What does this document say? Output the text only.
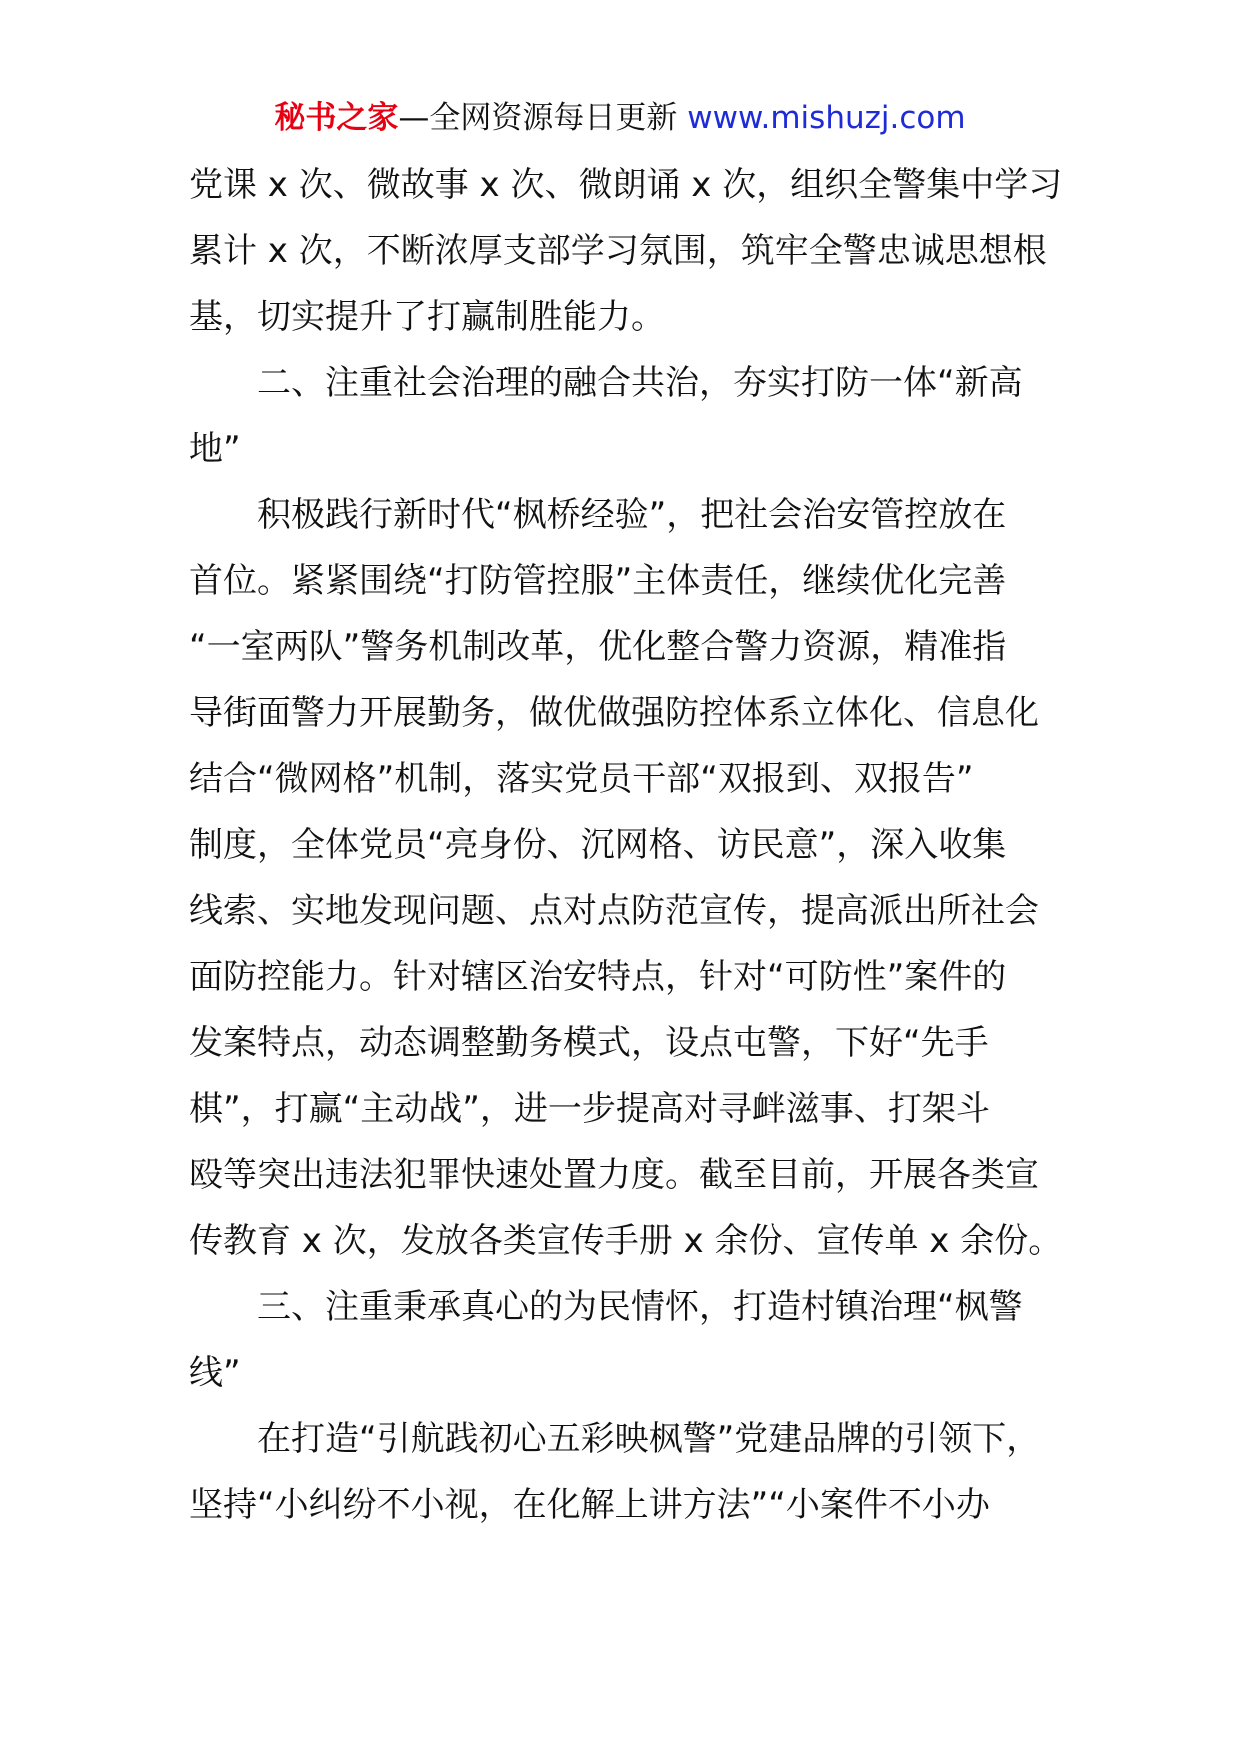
秘书之家—全网资源每日更新 www.mishuzj.com
党课 x 次、微故事 x 次、微朗诵 x 次，组织全警集中学习
累计 x 次，不断浓厚支部学习氛围，筑牢全警忠诚思想根
基，切实提升了打赢制胜能力。
二、注重社会治理的融合共治，夯实打防一体“新高
地”
积极践行新时代“枫桥经验”，把社会治安管控放在
首位。紧紧围绕“打防管控服”主体责任，继续优化完善
“一室两队”警务机制改革，优化整合警力资源，精准指
导街面警力开展勤务，做优做强防控体系立体化、信息化
结合“微网格”机制，落实党员干部“双报到、双报告”
制度，全体党员“亮身份、沉网格、访民意”，深入收集
线索、实地发现问题、点对点防范宣传，提高派出所社会
面防控能力。针对辖区治安特点，针对“可防性”案件的
发案特点，动态调整勤务模式，设点屯警，下好“先手
棋”，打赢“主动战”，进一步提高对寻衅滋事、打架斗
殴等突出违法犯罪快速处置力度。截至目前，开展各类宣
传教育 x 次，发放各类宣传手册 x 余份、宣传单 x 余份。
三、注重秉承真心的为民情怀，打造村镇治理“枫警
线”
在打造“引航践初心五彩映枫警”党建品牌的引领下，
坚持“小纠纷不小视，在化解上讲方法”“小案件不小办
